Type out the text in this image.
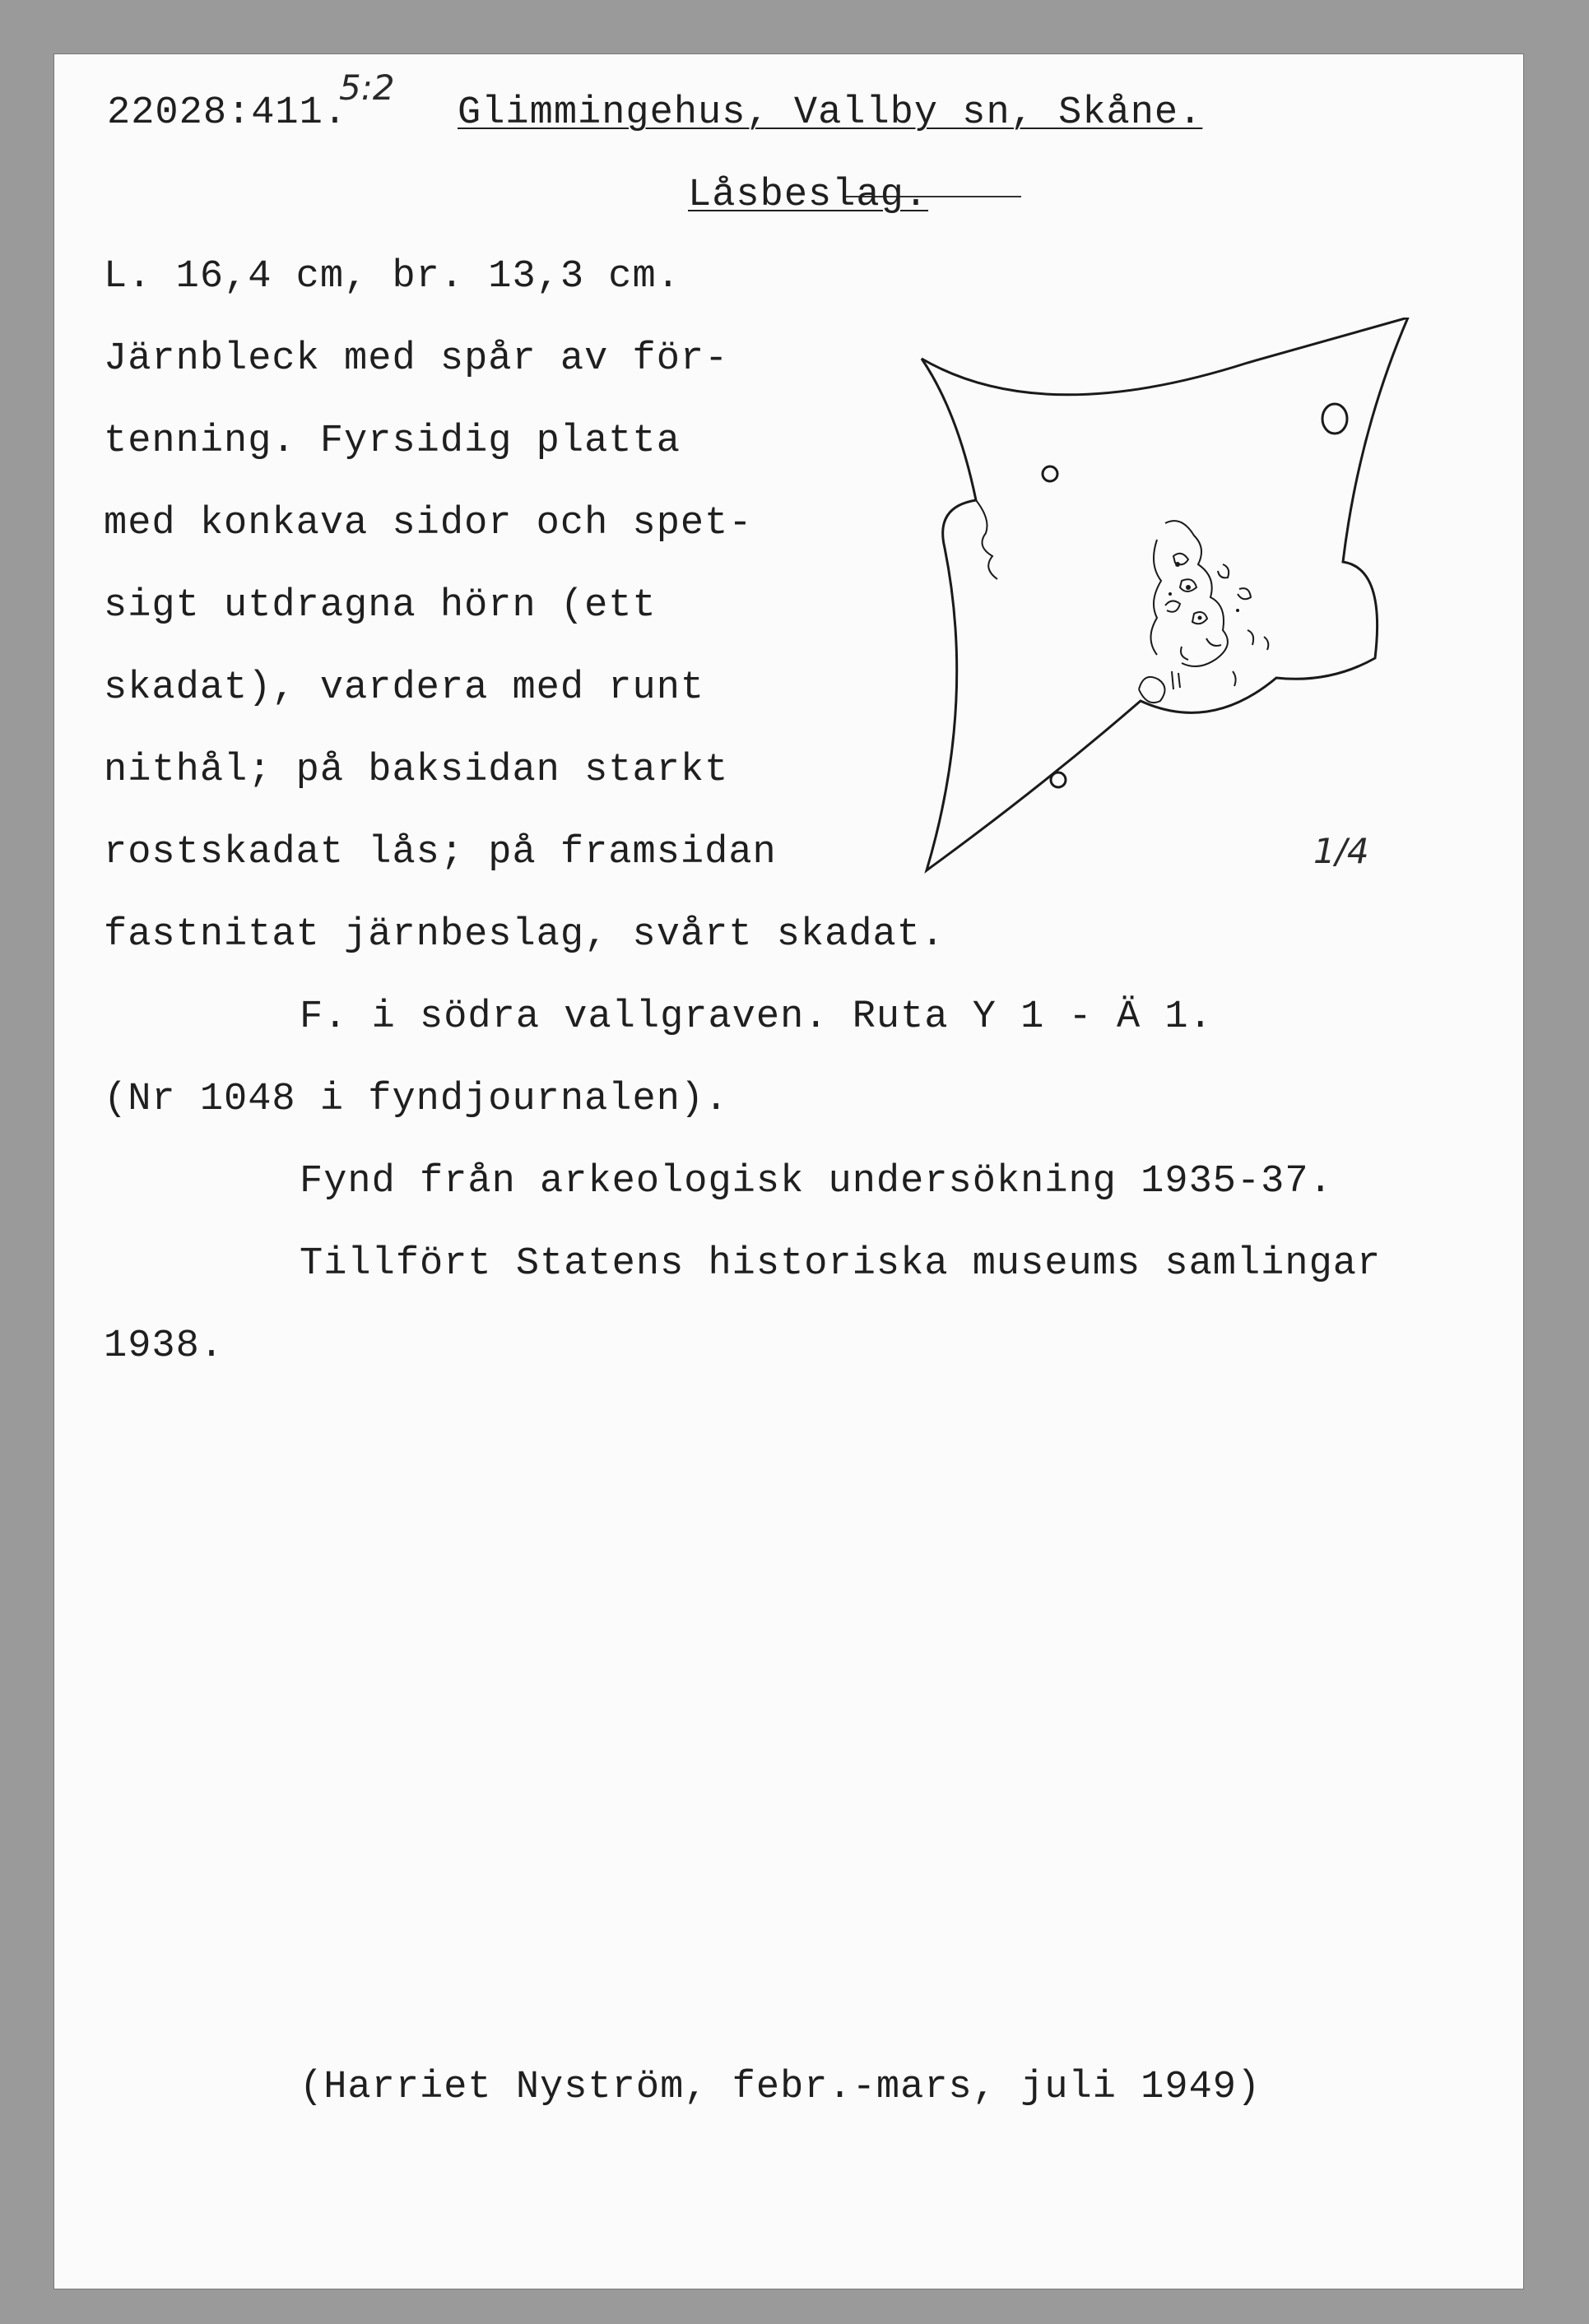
22028:411.
5:2
Glimmingehus, Vallby sn, Skåne.
Låsbeslag.
L. 16,4 cm, br. 13,3 cm.
Järnbleck med spår av för-
tenning. Fyrsidig platta
med konkava sidor och spet-
sigt utdragna hörn (ett
skadat), vardera med runt
nithål; på baksidan starkt
rostskadat lås; på framsidan
fastnitat järnbeslag, svårt skadat.
F. i södra vallgraven. Ruta Y 1 - Ä 1.
(Nr 1048 i fyndjournalen).
Fynd från arkeologisk undersökning 1935-37.
Tillfört Statens historiska museums samlingar
1938.
(Harriet Nyström, febr.-mars, juli 1949)
1/4
